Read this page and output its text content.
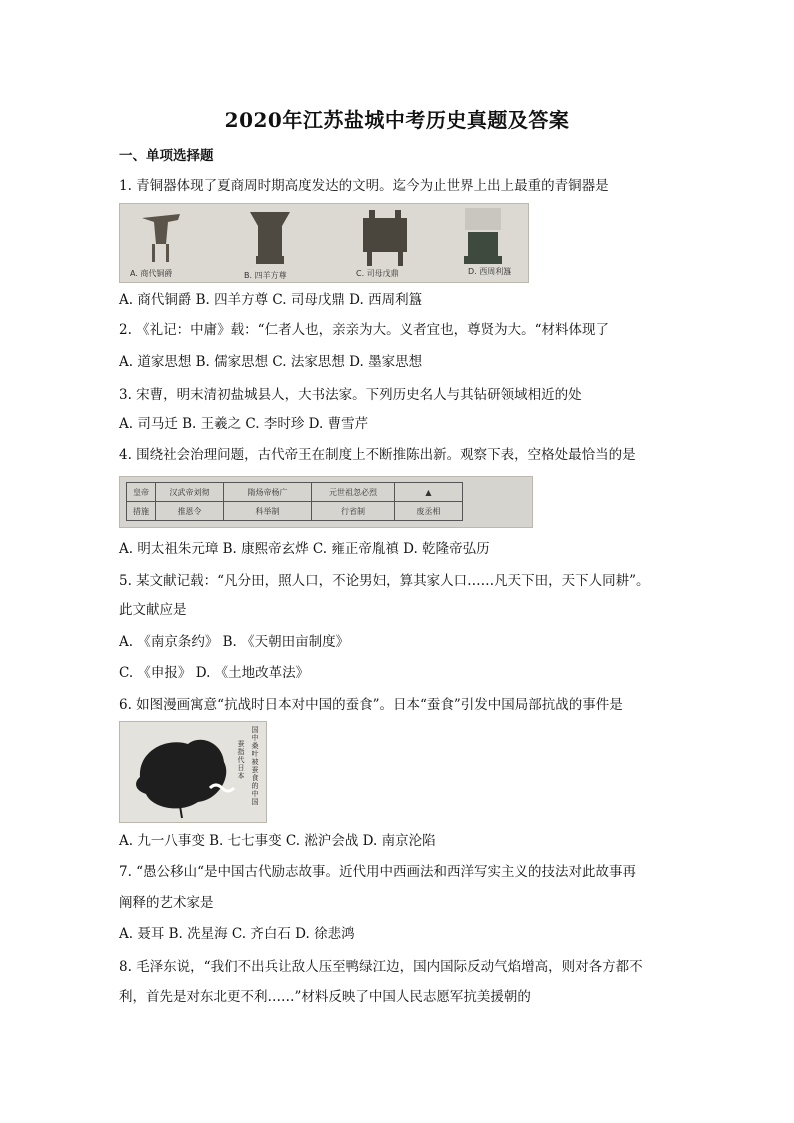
2020年江苏盐城中考历史真题及答案
一、单项选择题
1. 青铜器体现了夏商周时期高度发达的文明。迄今为止世界上出上最重的青铜器是
A. 商代铜爵	B. 四羊方尊	C. 司母戊鼎	D. 西周利簋
A. 商代铜爵 B. 四羊方尊 C. 司母戊鼎 D. 西周利簋
2. 《礼记：中庸》载：“仁者人也，亲亲为大。义者宜也，尊贤为大。“材料体现了
A. 道家思想 B. 儒家思想 C. 法家思想 D. 墨家思想
3. 宋曹，明末清初盐城县人，大书法家。下列历史名人与其钻研领域相近的处
A. 司马迁 B. 王羲之 C. 李时珍 D. 曹雪芹
4. 围绕社会治理问题，古代帝王在制度上不断推陈出新。观察下表，空格处最恰当的是
皇帝	汉武帝刘彻	隋炀帝杨广	元世祖忽必烈	▲
措施	推恩令	科举制	行省制	废丞相
A. 明太祖朱元璋 B. 康熙帝玄烨 C. 雍正帝胤禛 D. 乾隆帝弘历
5. 某文献记载：“凡分田，照人口，不论男妇，算其家人口……凡天下田，天下人同耕”。
此文献应是
A. 《南京条约》 B. 《天朝田亩制度》
C. 《申报》 D. 《土地改革法》
6. 如图漫画寓意“抗战时日本对中国的蚕食”。日本“蚕食”引发中国局部抗战的事件是
国中桑叶被蚕食的中国
蚕指代日本
A. 九一八事变 B. 七七事变 C. 淞沪会战 D. 南京沦陷
7. “愚公移山“是中国古代励志故事。近代用中西画法和西洋写实主义的技法对此故事再
阐释的艺术家是
A. 聂耳 B. 冼星海 C. 齐白石 D. 徐悲鸿
8. 毛泽东说，“我们不出兵让敌人压至鸭绿江边，国内国际反动气焰增高，则对各方都不
利，首先是对东北更不利……”材料反映了中国人民志愿军抗美援朝的
